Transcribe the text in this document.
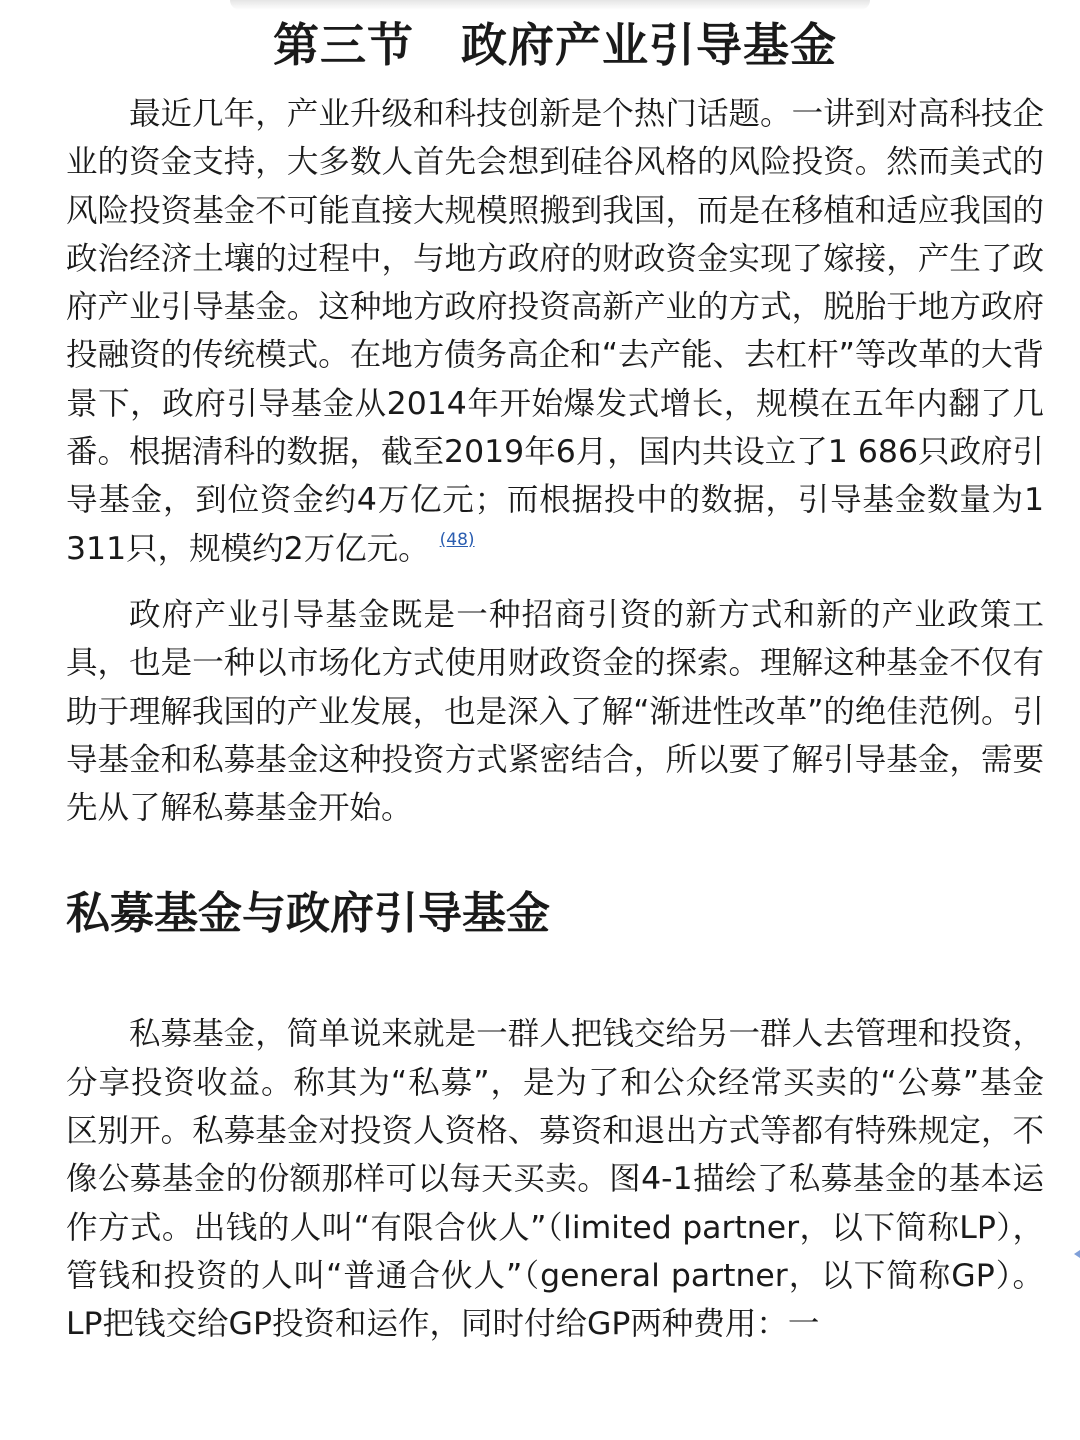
第三节　政府产业引导基金

最近几年，产业升级和科技创新是个热门话题。一讲到对高科技企业的资金支持，大多数人首先会想到硅谷风格的风险投资。然而美式的风险投资基金不可能直接大规模照搬到我国，而是在移植和适应我国的政治经济土壤的过程中，与地方政府的财政资金实现了嫁接，产生了政府产业引导基金。这种地方政府投资高新产业的方式，脱胎于地方政府投融资的传统模式。在地方债务高企和“去产能、去杠杆”等改革的大背景下，政府引导基金从2014年开始爆发式增长，规模在五年内翻了几番。根据清科的数据，截至2019年6月，国内共设立了1 686只政府引导基金，到位资金约4万亿元；而根据投中的数据，引导基金数量为1 311只，规模约2万亿元。 $^{(48)}$

政府产业引导基金既是一种招商引资的新方式和新的产业政策工具，也是一种以市场化方式使用财政资金的探索。理解这种基金不仅有助于理解我国的产业发展，也是深入了解“渐进性改革”的绝佳范例。引导基金和私募基金这种投资方式紧密结合，所以要了解引导基金，需要先从了解私募基金开始。

私募基金与政府引导基金

私募基金，简单说来就是一群人把钱交给另一群人去管理和投资，分享投资收益。称其为“私募”，是为了和公众经常买卖的“公募”基金区别开。私募基金对投资人资格、募资和退出方式等都有特殊规定，不像公募基金的份额那样可以每天买卖。图4-1描绘了私募基金的基本运作方式。出钱的人叫“有限合伙人”（limited partner，以下简称LP），管钱和投资的人叫“普通合伙人”（general partner，以下简称GP）。LP把钱交给GP投资和运作，同时付给GP两种费用：一
